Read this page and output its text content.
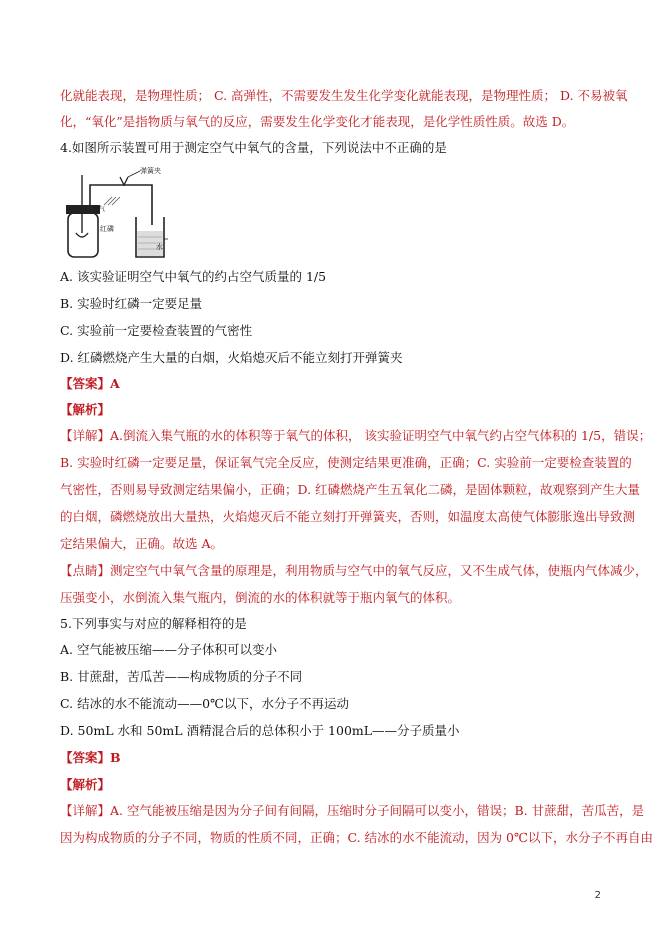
化就能表现，是物理性质； C. 高弹性，不需要发生发生化学变化就能表现，是物理性质； D. 不易被氧
化，“氧化”是指物质与氧气的反应，需要发生化学变化才能表现，是化学性质性质。故选 D。
4.如图所示装置可用于测定空气中氧气的含量，下列说法中不正确的是
弹簧夹
空气
红磷
水
A. 该实验证明空气中氧气的约占空气质量的 1/5
B. 实验时红磷一定要足量
C. 实验前一定要检查装置的气密性
D. 红磷燃烧产生大量的白烟，火焰熄灭后不能立刻打开弹簧夹
【答案】A
【解析】
【详解】A.倒流入集气瓶的水的体积等于氧气的体积， 该实验证明空气中氧气约占空气体积的 1/5，错误；
B. 实验时红磷一定要足量，保证氧气完全反应，使测定结果更准确，正确；C. 实验前一定要检查装置的
气密性，否则易导致测定结果偏小，正确；D. 红磷燃烧产生五氧化二磷，是固体颗粒，故观察到产生大量
的白烟，磷燃烧放出大量热，火焰熄灭后不能立刻打开弹簧夹，否则，如温度太高使气体膨胀逸出导致测
定结果偏大，正确。故选 A。
【点睛】测定空气中氧气含量的原理是，利用物质与空气中的氧气反应，又不生成气体，使瓶内气体减少，
压强变小，水倒流入集气瓶内，倒流的水的体积就等于瓶内氧气的体积。
5.下列事实与对应的解释相符的是
A. 空气能被压缩——分子体积可以变小
B. 甘蔗甜，苦瓜苦——构成物质的分子不同
C. 结冰的水不能流动——0℃以下，水分子不再运动
D. 50mL 水和 50mL 酒精混合后的总体积小于 100mL——分子质量小
【答案】B
【解析】
【详解】A. 空气能被压缩是因为分子间有间隔，压缩时分子间隔可以变小，错误；B. 甘蔗甜，苦瓜苦，是
因为构成物质的分子不同，物质的性质不同，正确；C. 结冰的水不能流动，因为 0℃以下，水分子不再自由
2
